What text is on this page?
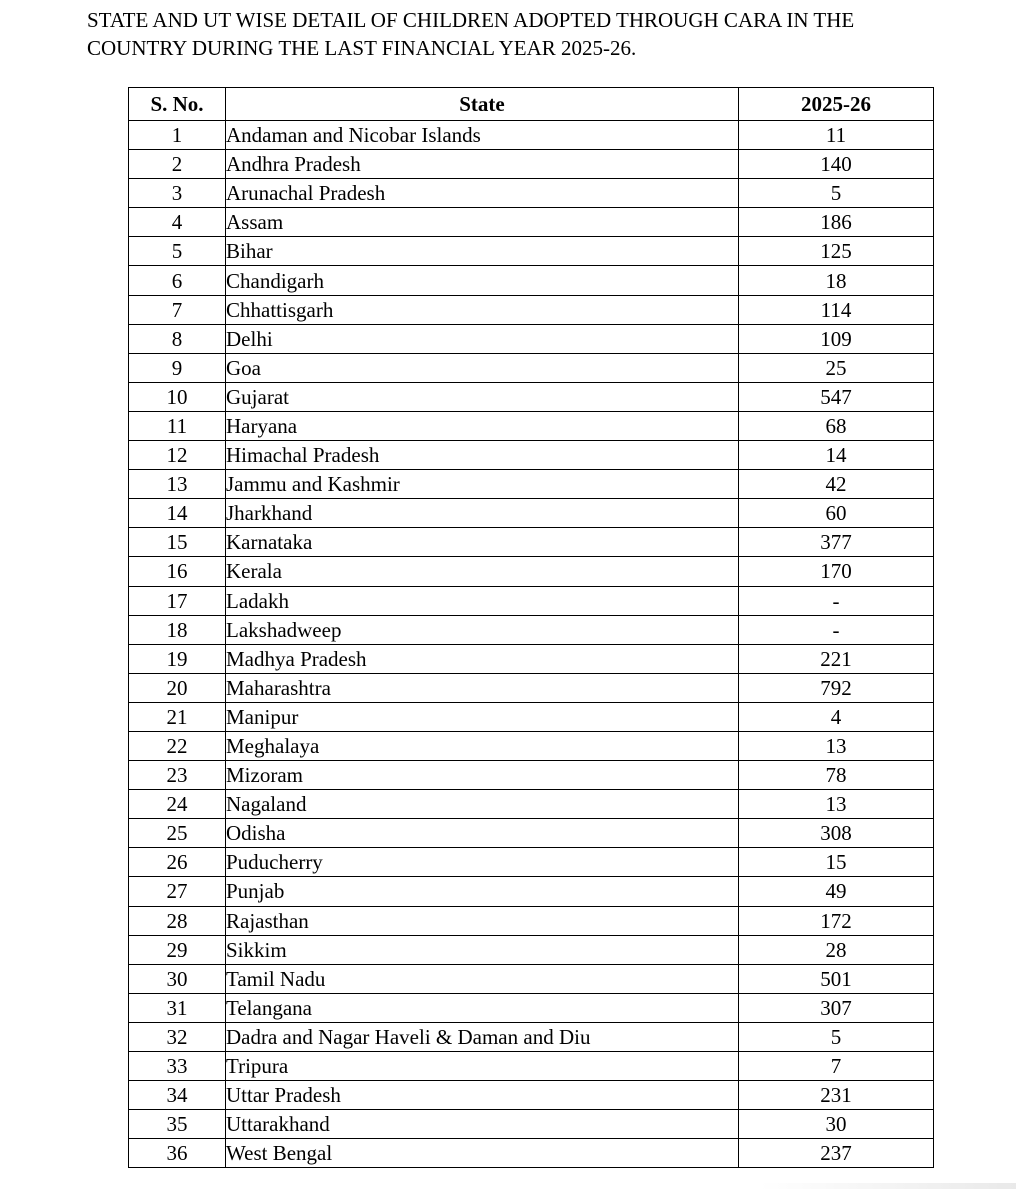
STATE AND UT WISE DETAIL OF CHILDREN ADOPTED THROUGH CARA IN THE
COUNTRY DURING THE LAST FINANCIAL YEAR 2025-26.
S. No.	State	2025-26
1	Andaman and Nicobar Islands	11
2	Andhra Pradesh	140
3	Arunachal Pradesh	5
4	Assam	186
5	Bihar	125
6	Chandigarh	18
7	Chhattisgarh	114
8	Delhi	109
9	Goa	25
10	Gujarat	547
11	Haryana	68
12	Himachal Pradesh	14
13	Jammu and Kashmir	42
14	Jharkhand	60
15	Karnataka	377
16	Kerala	170
17	Ladakh	-
18	Lakshadweep	-
19	Madhya Pradesh	221
20	Maharashtra	792
21	Manipur	4
22	Meghalaya	13
23	Mizoram	78
24	Nagaland	13
25	Odisha	308
26	Puducherry	15
27	Punjab	49
28	Rajasthan	172
29	Sikkim	28
30	Tamil Nadu	501
31	Telangana	307
32	Dadra and Nagar Haveli & Daman and Diu	5
33	Tripura	7
34	Uttar Pradesh	231
35	Uttarakhand	30
36	West Bengal	237
